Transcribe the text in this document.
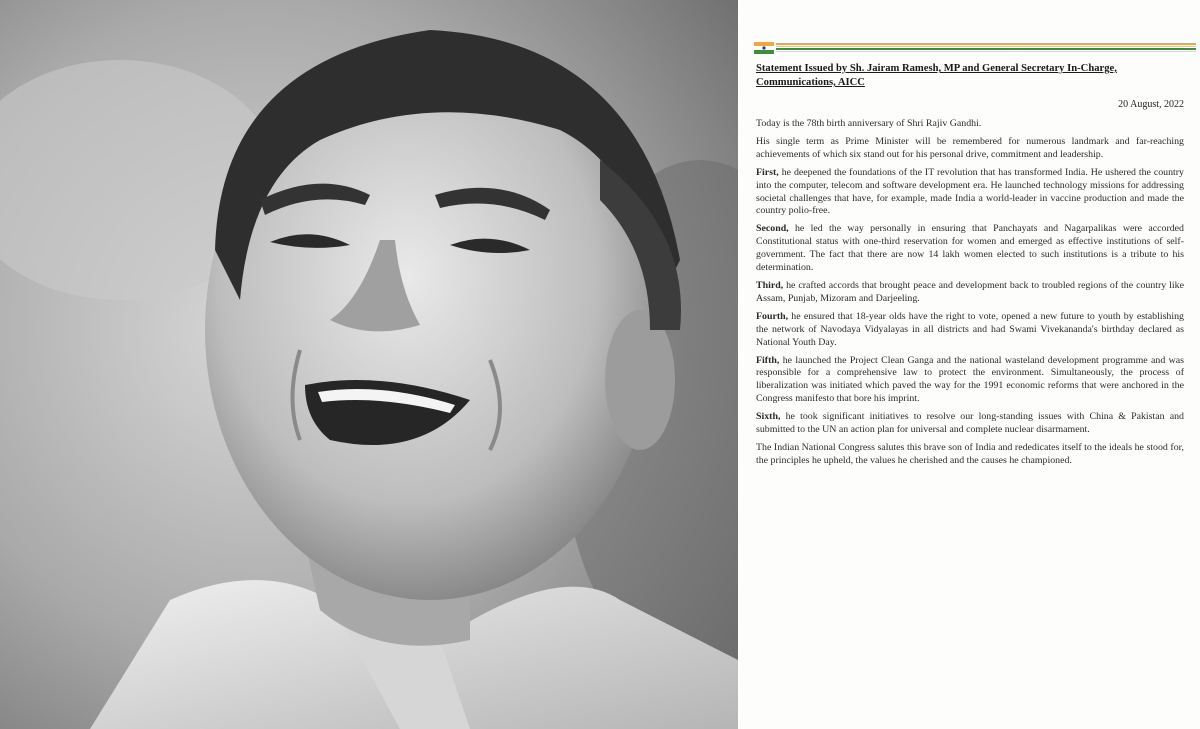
Statement Issued by Sh. Jairam Ramesh, MP and General Secretary In-Charge, Communications, AICC
20 August, 2022

Today is the 78th birth anniversary of Shri Rajiv Gandhi.

His single term as Prime Minister will be remembered for numerous landmark and far-reaching achievements of which six stand out for his personal drive, commitment and leadership.

First, he deepened the foundations of the IT revolution that has transformed India. He ushered the country into the computer, telecom and software development era. He launched technology missions for addressing societal challenges that have, for example, made India a world-leader in vaccine production and made the country polio-free.

Second, he led the way personally in ensuring that Panchayats and Nagarpalikas were accorded Constitutional status with one-third reservation for women and emerged as effective institutions of self-government. The fact that there are now 14 lakh women elected to such institutions is a tribute to his determination.

Third, he crafted accords that brought peace and development back to troubled regions of the country like Assam, Punjab, Mizoram and Darjeeling.

Fourth, he ensured that 18-year olds have the right to vote, opened a new future to youth by establishing the network of Navodaya Vidyalayas in all districts and had Swami Vivekananda's birthday declared as National Youth Day.

Fifth, he launched the Project Clean Ganga and the national wasteland development programme and was responsible for a comprehensive law to protect the environment. Simultaneously, the process of liberalization was initiated which paved the way for the 1991 economic reforms that were anchored in the Congress manifesto that bore his imprint.

Sixth, he took significant initiatives to resolve our long-standing issues with China & Pakistan and submitted to the UN an action plan for universal and complete nuclear disarmament.

The Indian National Congress salutes this brave son of India and rededicates itself to the ideals he stood for, the principles he upheld, the values he cherished and the causes he championed.
